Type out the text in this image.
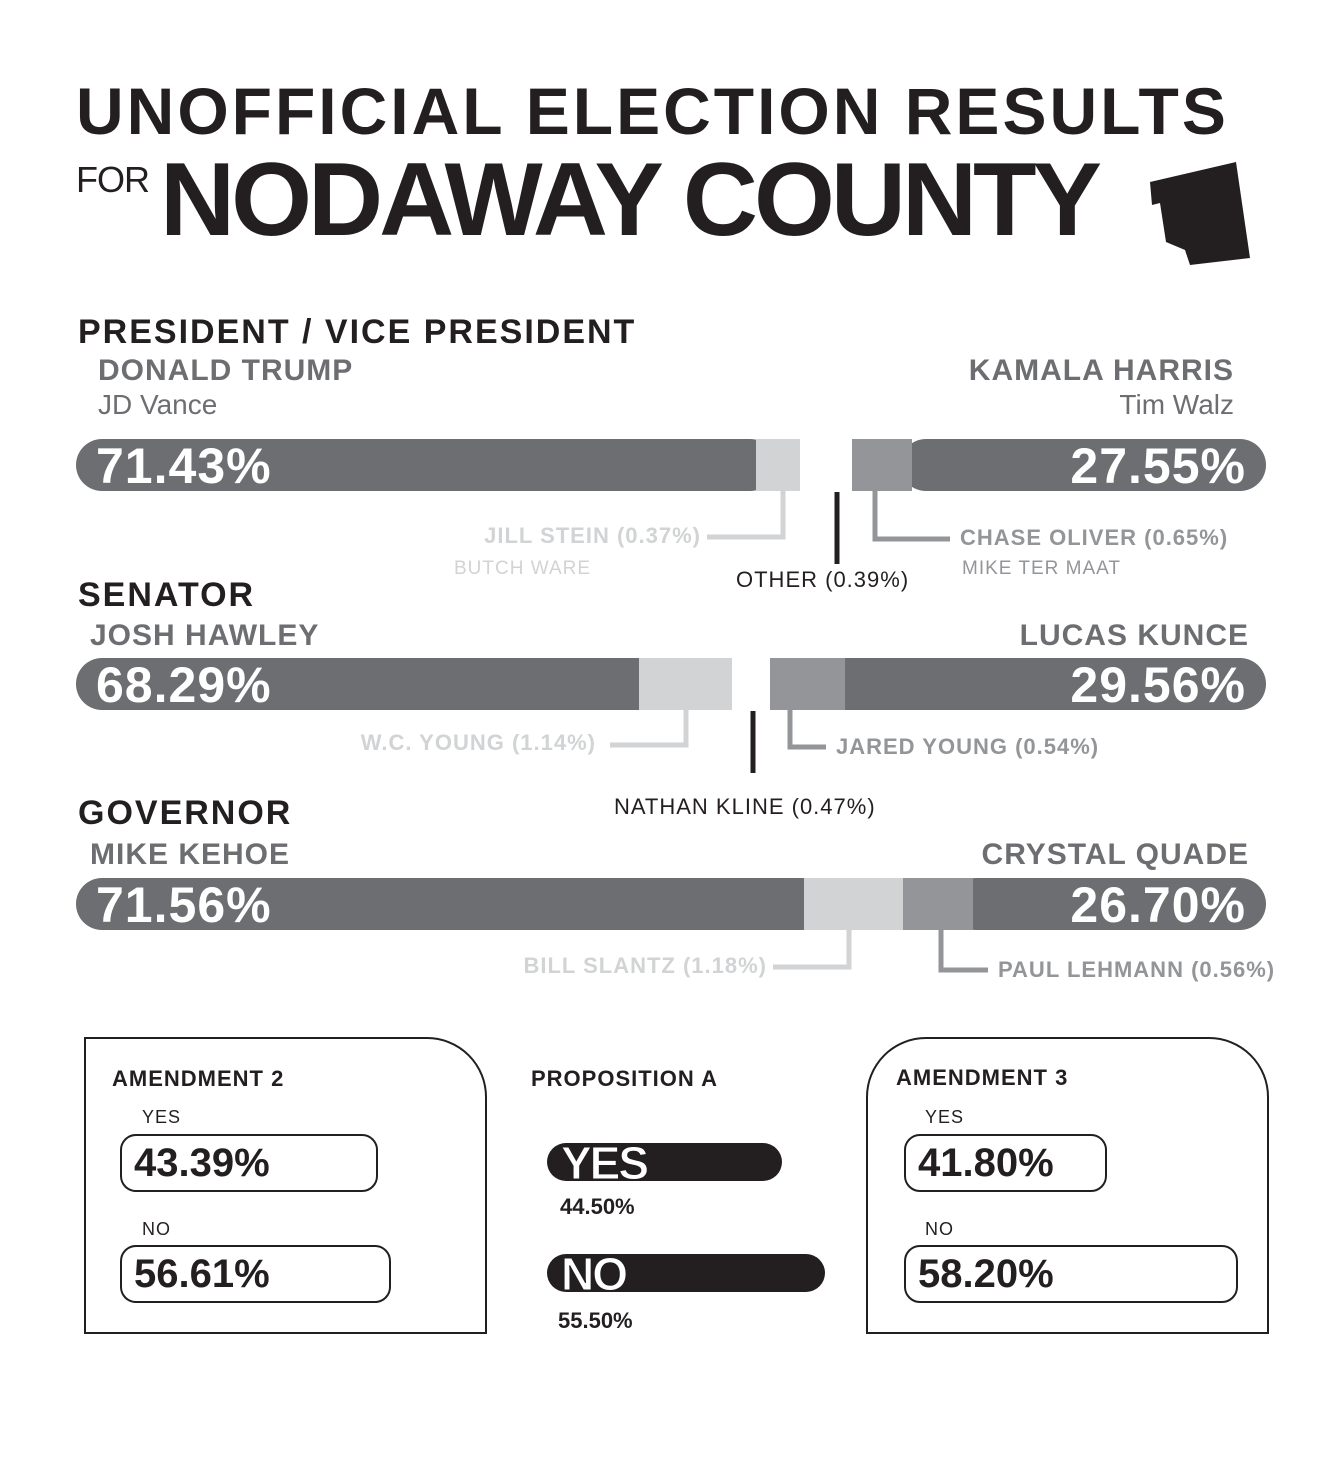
UNOFFICIAL ELECTION RESULTS
FOR NODAWAY COUNTY
PRESIDENT / VICE PRESIDENT
DONALD TRUMP
JD Vance
KAMALA HARRIS
Tim Walz
71.43%	27.55%
JILL STEIN (0.37%)
BUTCH WARE
CHASE OLIVER (0.65%)
MIKE TER MAAT
OTHER (0.39%)
SENATOR
JOSH HAWLEY	LUCAS KUNCE
68.29%	29.56%
W.C. YOUNG (1.14%)	JARED YOUNG (0.54%)
NATHAN KLINE (0.47%)
GOVERNOR
MIKE KEHOE	CRYSTAL QUADE
71.56%	26.70%
BILL SLANTZ (1.18%)	PAUL LEHMANN (0.56%)
AMENDMENT 2
YES
43.39%
NO
56.61%
PROPOSITION A
YES
44.50%
NO
55.50%
AMENDMENT 3
YES
41.80%
NO
58.20%
